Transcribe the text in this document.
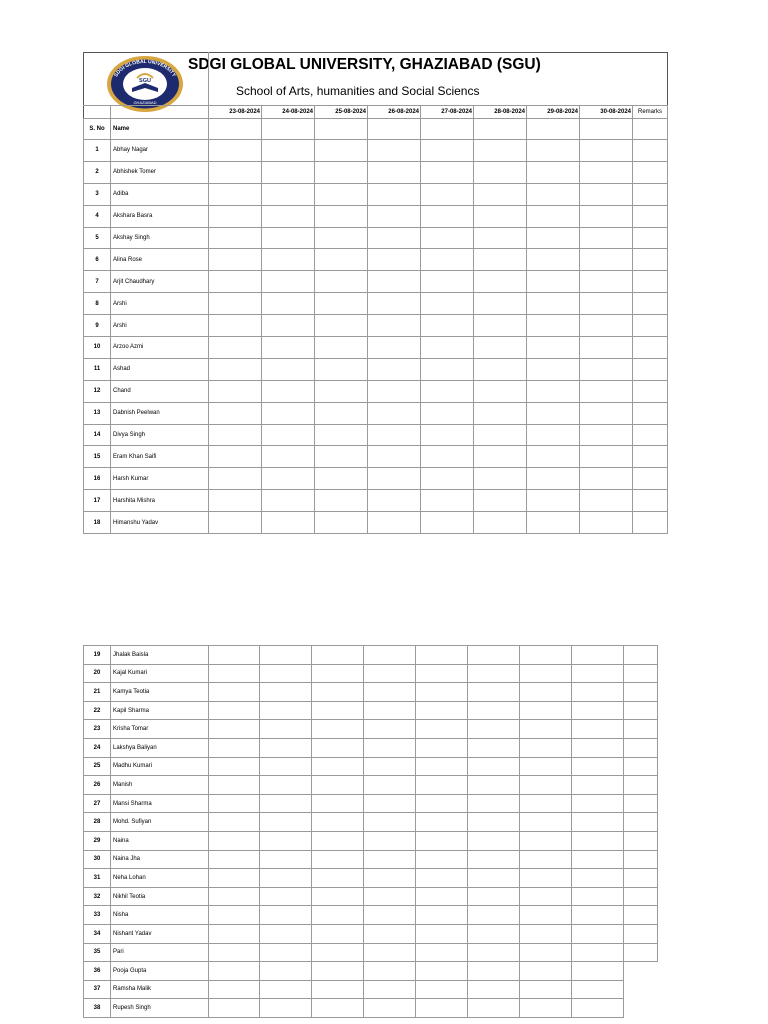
SGU
SDGI GLOBAL UNIVERSITY
GHAZIABAD
SDGI GLOBAL UNIVERSITY, GHAZIABAD (SGU)
School of Arts, humanities and Social Sciencs

		23-08-2024	24-08-2024	25-08-2024	26-08-2024	27-08-2024	28-08-2024	29-08-2024	30-08-2024	Remarks
S. No	Name									
1	Abhay Nagar									
2	Abhishek Tomer									
3	Adiba									
4	Akshara Basra									
5	Akshay Singh									
6	Alina Rose									
7	Arjit Chaudhary									
8	Arshi									
9	Arshi									
10	Arzoo Azmi									
11	Ashad									
12	Chand									
13	Dabnish Peelwan									
14	Divya Singh									
15	Eram Khan Saifi									
16	Harsh Kumar									
17	Harshita Mishra									
18	Himanshu Yadav									
19	Jhalak Baisla									
20	Kajal Kumari									
21	Kamya Teotia									
22	Kapil Sharma									
23	Krisha Tomar									
24	Lakshya Baliyan									
25	Madhu Kumari									
26	Manish									
27	Mansi Sharma									
28	Mohd. Sufiyan									
29	Naina									
30	Naina Jha									
31	Neha Lohan									
32	Nikhil Teotia									
33	Nisha									
34	Nishant Yadav									
35	Pari									
36	Pooja Gupta									
37	Ramsha Malik									
38	Rupesh Singh									
